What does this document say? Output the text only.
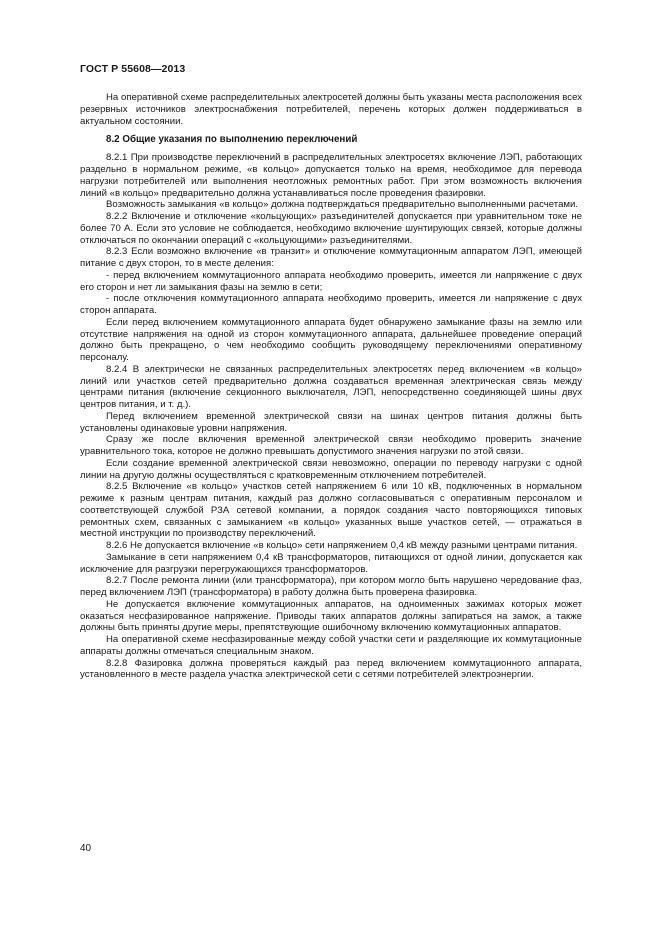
ГОСТ Р 55608—2013

На оперативной схеме распределительных электросетей должны быть указаны места расположения всех резервных источников электроснабжения потребителей, перечень которых должен поддерживаться в актуальном состоянии.

8.2 Общие указания по выполнению переключений

8.2.1 При производстве переключений в распределительных электросетях включение ЛЭП, работающих раздельно в нормальном режиме, «в кольцо» допускается только на время, необходимое для перевода нагрузки потребителей или выполнения неотложных ремонтных работ. При этом возможность включения линий «в кольцо» предварительно должна устанавливаться после проведения фазировки.

Возможность замыкания «в кольцо» должна подтверждаться предварительно выполненными расчетами.

8.2.2 Включение и отключение «кольцующих» разъединителей допускается при уравнительном токе не более 70 А. Если это условие не соблюдается, необходимо включение шунтирующих связей, которые должны отключаться по окончании операций с «кольцующими» разъединителями.

8.2.3 Если возможно включение «в транзит» и отключение коммутационным аппаратом ЛЭП, имеющей питание с двух сторон, то в месте деления:

- перед включением коммутационного аппарата необходимо проверить, имеется ли напряжение с двух его сторон и нет ли замыкания фазы на землю в сети;

- после отключения коммутационного аппарата необходимо проверить, имеется ли напряжение с двух сторон аппарата.

Если перед включением коммутационного аппарата будет обнаружено замыкание фазы на землю или отсутствие напряжения на одной из сторон коммутационного аппарата, дальнейшее проведение операций должно быть прекращено, о чем необходимо сообщить руководящему переключениями оперативному персоналу.

8.2.4 В электрически не связанных распределительных электросетях перед включением «в кольцо» линий или участков сетей предварительно должна создаваться временная электрическая связь между центрами питания (включение секционного выключателя, ЛЭП, непосредственно соединяющей шины двух центров питания, и т. д.).

Перед включением временной электрической связи на шинах центров питания должны быть установлены одинаковые уровни напряжения.

Сразу же после включения временной электрической связи необходимо проверить значение уравнительного тока, которое не должно превышать допустимого значения нагрузки по этой связи.

Если создание временной электрической связи невозможно, операции по переводу нагрузки с одной линии на другую должны осуществляться с кратковременным отключением потребителей.

8.2.5 Включение «в кольцо» участков сетей напряжением 6 или 10 кВ, подключенных в нормальном режиме к разным центрам питания, каждый раз должно согласовываться с оперативным персоналом и соответствующей службой РЗА сетевой компании, а порядок создания часто повторяющихся типовых ремонтных схем, связанных с замыканием «в кольцо» указанных выше участков сетей, — отражаться в местной инструкции по производству переключений.

8.2.6 Не допускается включение «в кольцо» сети напряжением 0,4 кВ между разными центрами питания.

Замыкание в сети напряжением 0,4 кВ трансформаторов, питающихся от одной линии, допускается как исключение для разгрузки перегружающихся трансформаторов.

8.2.7 После ремонта линии (или трансформатора), при котором могло быть нарушено чередование фаз, перед включением ЛЭП (трансформатора) в работу должна быть проверена фазировка.

Не допускается включение коммутационных аппаратов, на одноименных зажимах которых может оказаться несфазированное напряжение. Приводы таких аппаратов должны запираться на замок, а также должны быть приняты другие меры, препятствующие ошибочному включению коммутационных аппаратов.

На оперативной схеме несфазированные между собой участки сети и разделяющие их коммутационные аппараты должны отмечаться специальным знаком.

8.2.8 Фазировка должна проверяться каждый раз перед включением коммутационного аппарата, установленного в месте раздела участка электрической сети с сетями потребителей электроэнергии.

40
